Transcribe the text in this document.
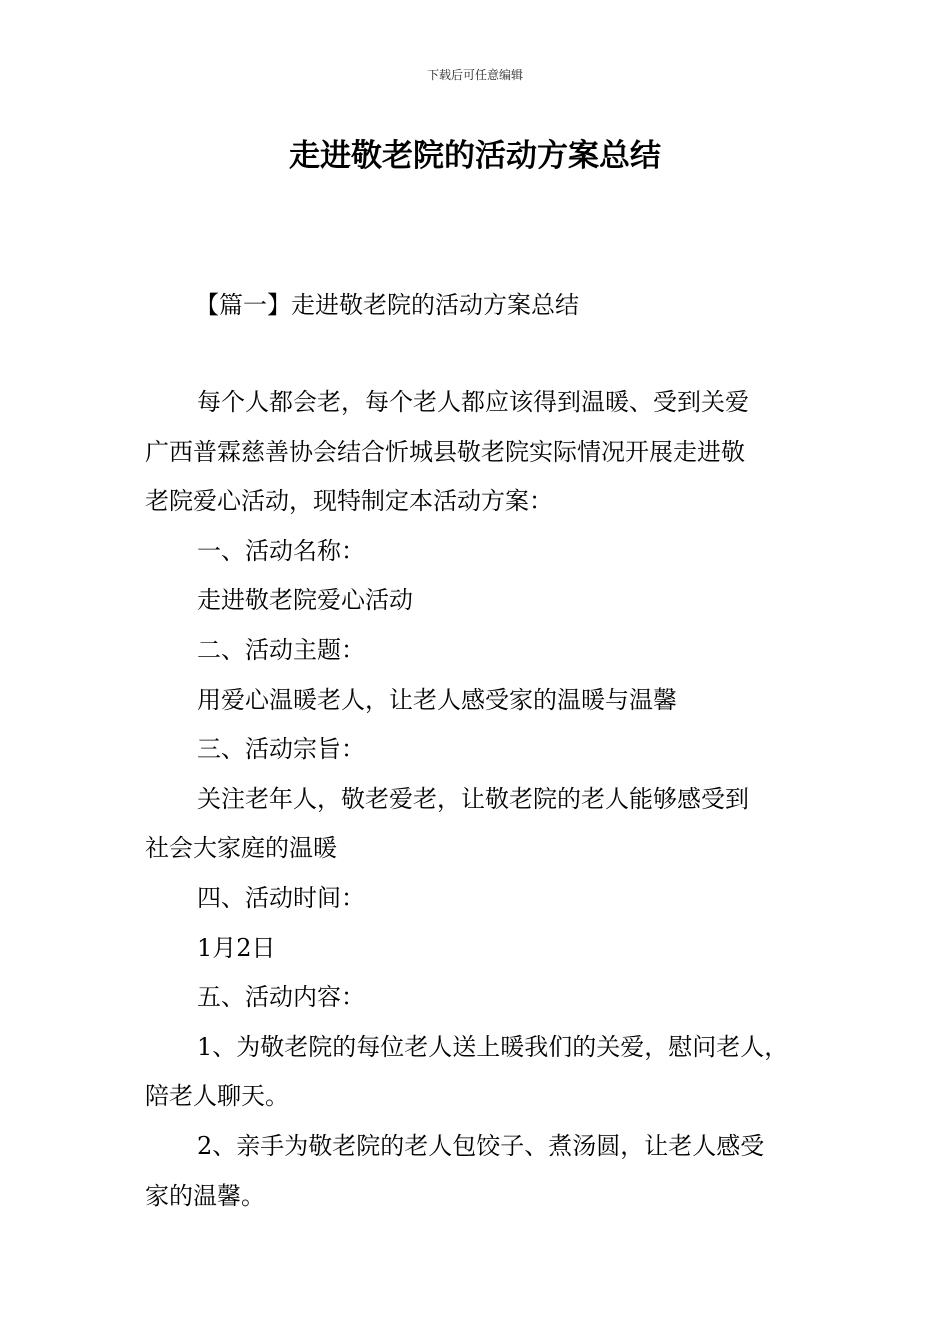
下载后可任意编辑
走进敬老院的活动方案总结
【篇一】走进敬老院的活动方案总结

每个人都会老，每个老人都应该得到温暖、受到关爱

广西普霖慈善协会结合忻城县敬老院实际情况开展走进敬

老院爱心活动，现特制定本活动方案：

一、活动名称：

走进敬老院爱心活动

二、活动主题：

用爱心温暖老人，让老人感受家的温暖与温馨

三、活动宗旨：

关注老年人，敬老爱老，让敬老院的老人能够感受到

社会大家庭的温暖

四、活动时间：

1月2日

五、活动内容：

1、为敬老院的每位老人送上暖我们的关爱，慰问老人，

陪老人聊天。

2、亲手为敬老院的老人包饺子、煮汤圆，让老人感受

家的温馨。
